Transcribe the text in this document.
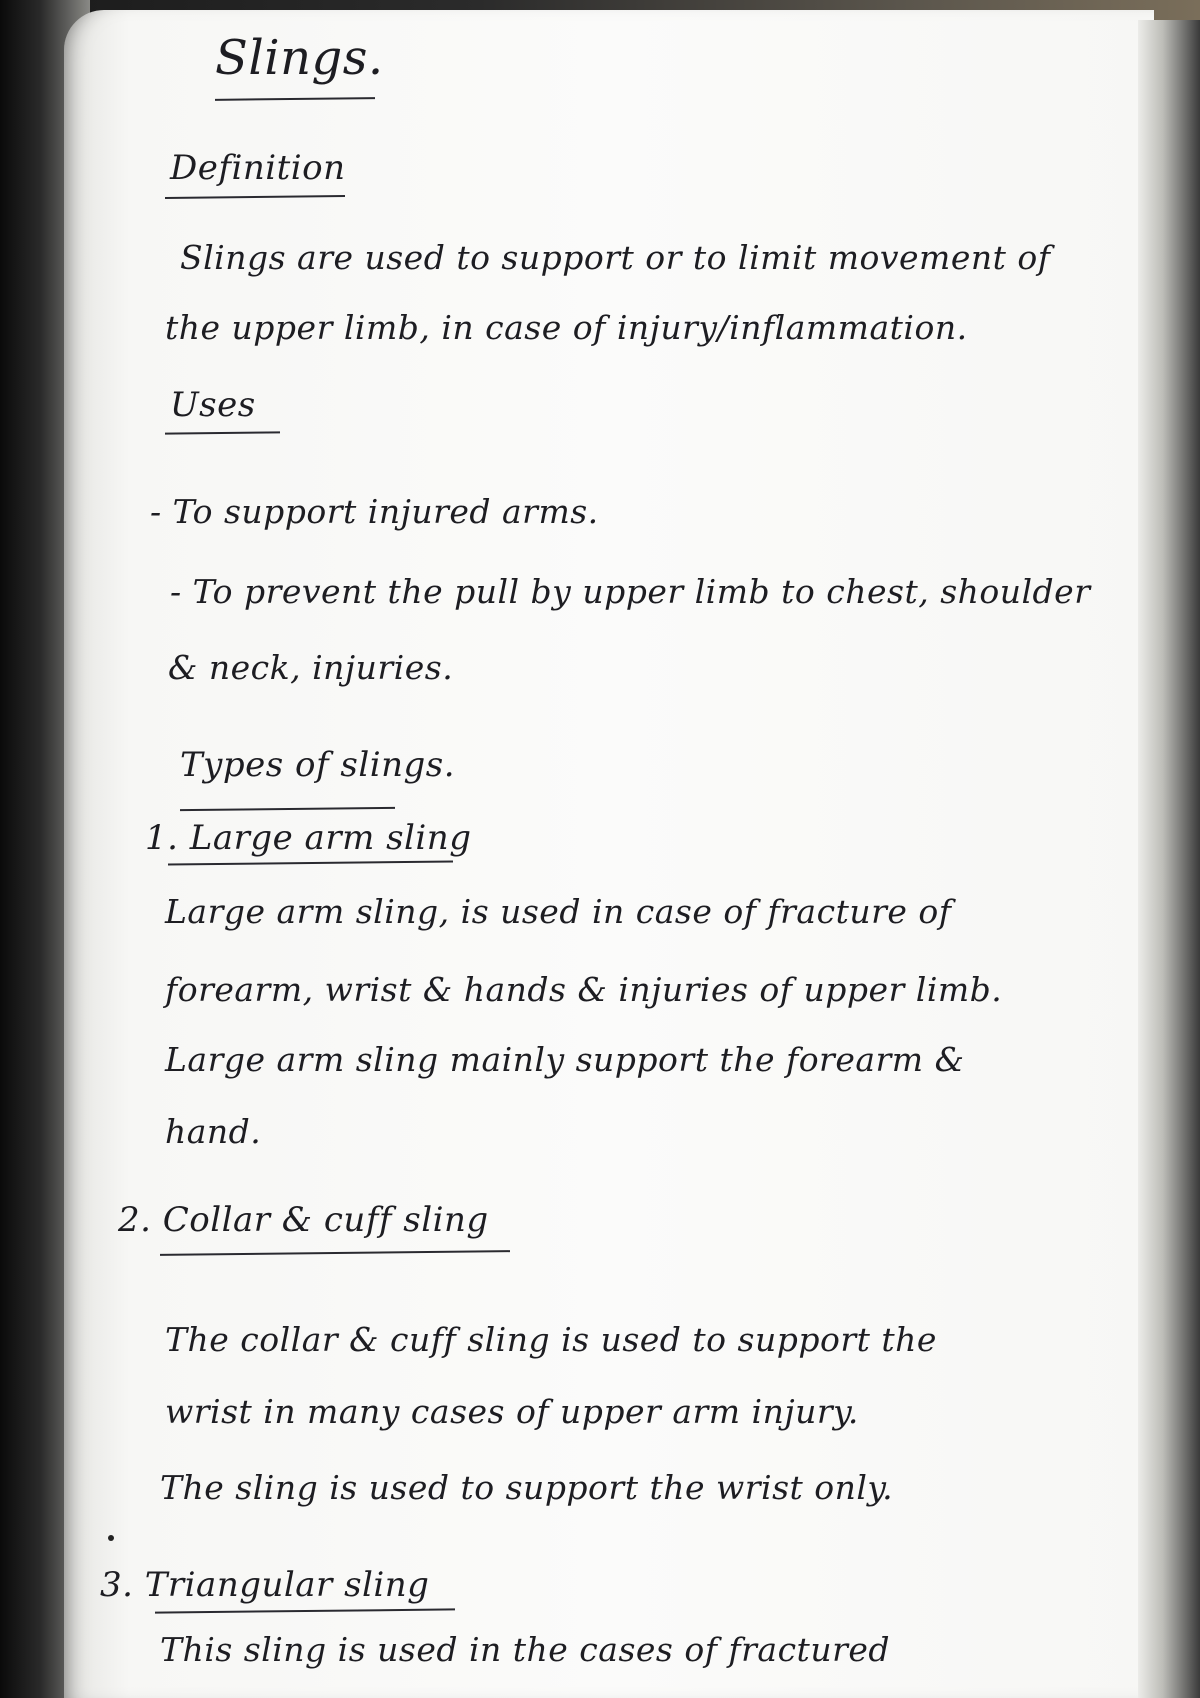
Slings.
Definition
Slings are used to support or to limit movement of
the upper limb, in case of injury/inflammation.
Uses
- To support injured arms.
- To prevent the pull by upper limb to chest, shoulder
& neck, injuries.
Types of slings.
1. Large arm sling
Large arm sling, is used in case of fracture of
forearm, wrist & hands & injuries of upper limb.
Large arm sling mainly support the forearm &
hand.
2. Collar & cuff sling
The collar & cuff sling is used to support the
wrist in many cases of upper arm injury.
The sling is used to support the wrist only.
3. Triangular sling
This sling is used in the cases of fractured
